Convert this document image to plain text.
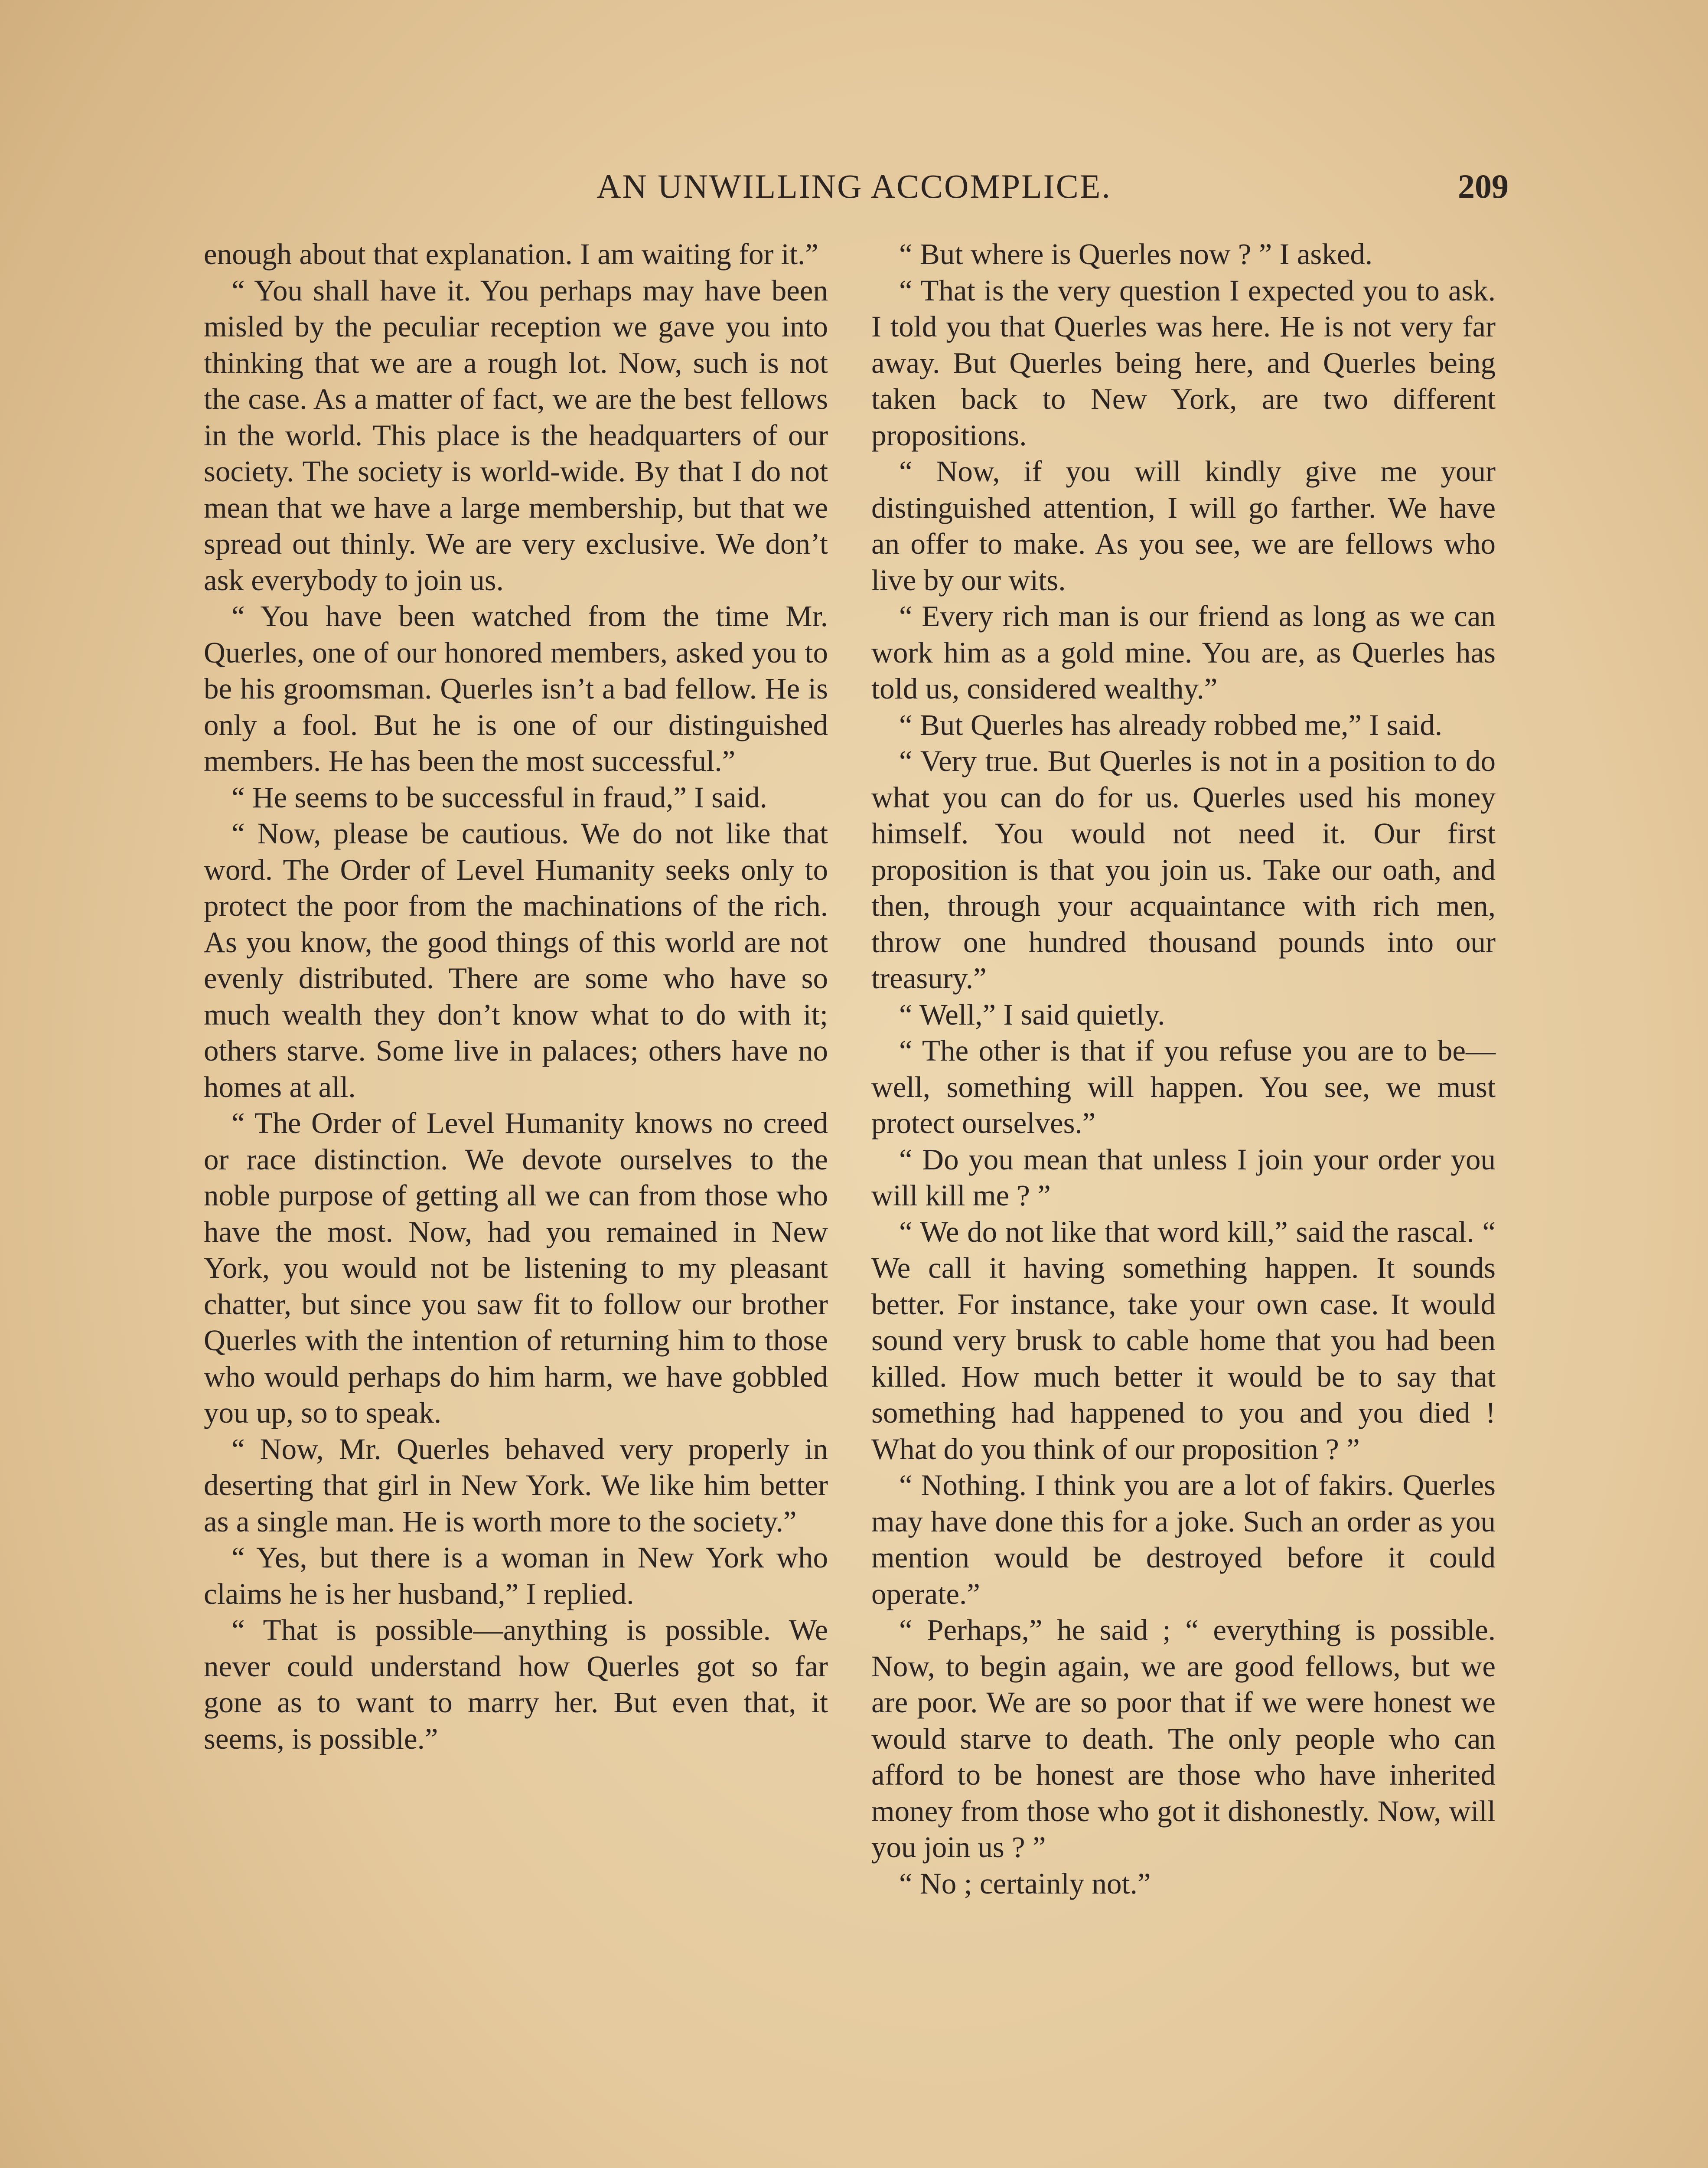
AN UNWILLING ACCOMPLICE.	209

enough about that explanation. I am waiting for it.”

“ You shall have it. You perhaps may have been misled by the peculiar reception we gave you into thinking that we are a rough lot. Now, such is not the case. As a matter of fact, we are the best fellows in the world. This place is the headquarters of our society. The society is world-wide. By that I do not mean that we have a large membership, but that we spread out thinly. We are very exclusive. We don’t ask everybody to join us.

“ You have been watched from the time Mr. Querles, one of our honored members, asked you to be his groomsman. Querles isn’t a bad fellow. He is only a fool. But he is one of our distinguished members. He has been the most successful.”

“ He seems to be successful in fraud,” I said.

“ Now, please be cautious. We do not like that word. The Order of Level Humanity seeks only to protect the poor from the machinations of the rich. As you know, the good things of this world are not evenly distributed. There are some who have so much wealth they don’t know what to do with it; others starve. Some live in palaces; others have no homes at all.

“ The Order of Level Humanity knows no creed or race distinction. We devote ourselves to the noble purpose of getting all we can from those who have the most. Now, had you remained in New York, you would not be listening to my pleasant chatter, but since you saw fit to follow our brother Querles with the intention of returning him to those who would perhaps do him harm, we have gobbled you up, so to speak.

“ Now, Mr. Querles behaved very properly in deserting that girl in New York. We like him better as a single man. He is worth more to the society.”

“ Yes, but there is a woman in New York who claims he is her husband,” I replied.

“ That is possible—anything is possible. We never could understand how Querles got so far gone as to want to marry her. But even that, it seems, is possible.”

“ But where is Querles now ? ” I asked.

“ That is the very question I expected you to ask. I told you that Querles was here. He is not very far away. But Querles being here, and Querles being taken back to New York, are two different propositions.

“ Now, if you will kindly give me your distinguished attention, I will go farther. We have an offer to make. As you see, we are fellows who live by our wits.

“ Every rich man is our friend as long as we can work him as a gold mine. You are, as Querles has told us, considered wealthy.”

“ But Querles has already robbed me,” I said.

“ Very true. But Querles is not in a position to do what you can do for us. Querles used his money himself. You would not need it. Our first proposition is that you join us. Take our oath, and then, through your acquaintance with rich men, throw one hundred thousand pounds into our treasury.”

“ Well,” I said quietly.

“ The other is that if you refuse you are to be—well, something will happen. You see, we must protect ourselves.”

“ Do you mean that unless I join your order you will kill me ? ”

“ We do not like that word kill,” said the rascal. “ We call it having something happen. It sounds better. For instance, take your own case. It would sound very brusk to cable home that you had been killed. How much better it would be to say that something had happened to you and you died ! What do you think of our proposition ? ”

“ Nothing. I think you are a lot of fakirs. Querles may have done this for a joke. Such an order as you mention would be destroyed before it could operate.”

“ Perhaps,” he said ; “ everything is possible. Now, to begin again, we are good fellows, but we are poor. We are so poor that if we were honest we would starve to death. The only people who can afford to be honest are those who have inherited money from those who got it dishonestly. Now, will you join us ? ”

“ No ; certainly not.”
